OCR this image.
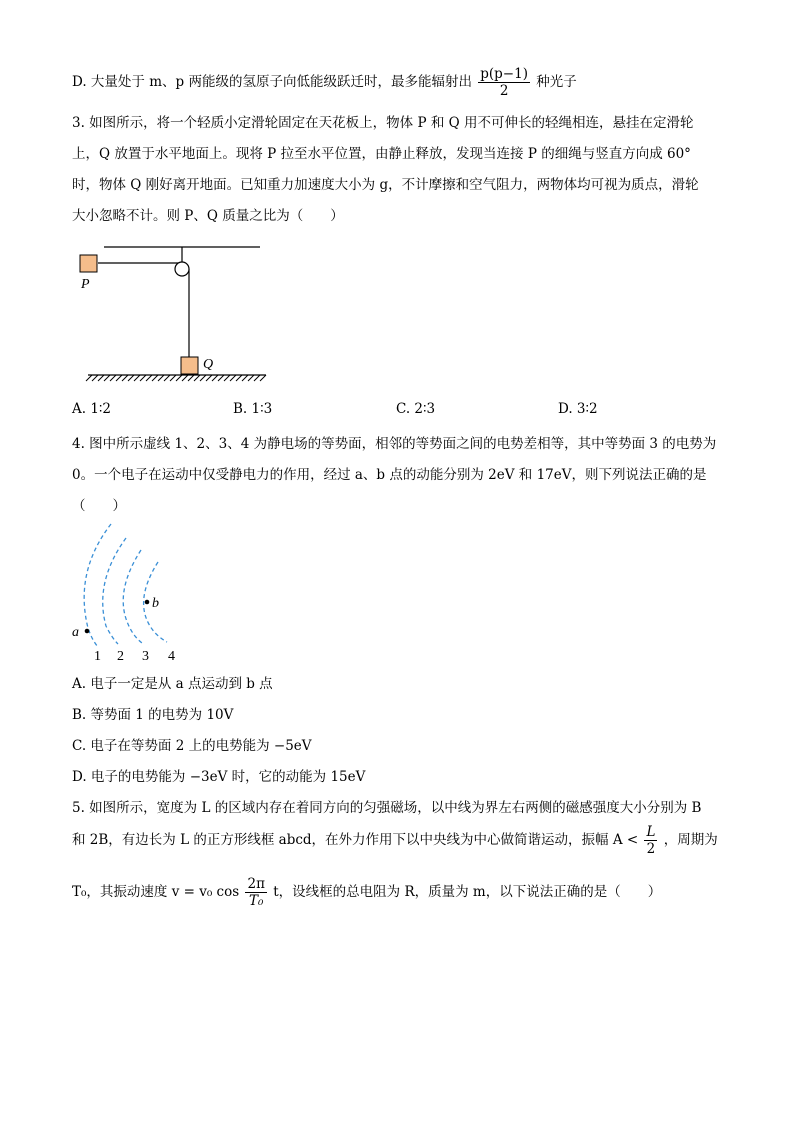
D. 大量处于 m、p 两能级的氢原子向低能级跃迁时，最多能辐射出 $\frac{p(p-1)}{2}$ 种光子
3. 如图所示，将一个轻质小定滑轮固定在天花板上，物体 P 和 Q 用不可伸长的轻绳相连，悬挂在定滑轮
上，Q 放置于水平地面上。现将 P 拉至水平位置，由静止释放，发现当连接 P 的细绳与竖直方向成 60°
时，物体 Q 刚好离开地面。已知重力加速度大小为 g，不计摩擦和空气阻力，两物体均可视为质点，滑轮
大小忽略不计。则 P、Q 质量之比为（　　）
P
Q
A. 1∶2	B. 1∶3	C. 2∶3	D. 3∶2
4. 图中所示虚线 1、2、3、4 为静电场的等势面，相邻的等势面之间的电势差相等，其中等势面 3 的电势为
0。一个电子在运动中仅受静电力的作用，经过 a、b 点的动能分别为 2eV 和 17eV，则下列说法正确的是
（　　）
a
b
1 2 3 4
A. 电子一定是从 a 点运动到 b 点
B. 等势面 1 的电势为 10V
C. 电子在等势面 2 上的电势能为 −5eV
D. 电子的电势能为 −3eV 时，它的动能为 15eV
5. 如图所示，宽度为 L 的区域内存在着同方向的匀强磁场，以中线为界左右两侧的磁感强度大小分别为 B
和 2B，有边长为 L 的正方形线框 abcd，在外力作用下以中央线为中心做简谐运动，振幅 $A < \frac{L}{2}$ ，周期为
T₀，其振动速度 v = v₀ $\cos \frac{2\pi}{\text{T₀}}$ t，设线框的总电阻为 R，质量为 m，以下说法正确的是（　　）
